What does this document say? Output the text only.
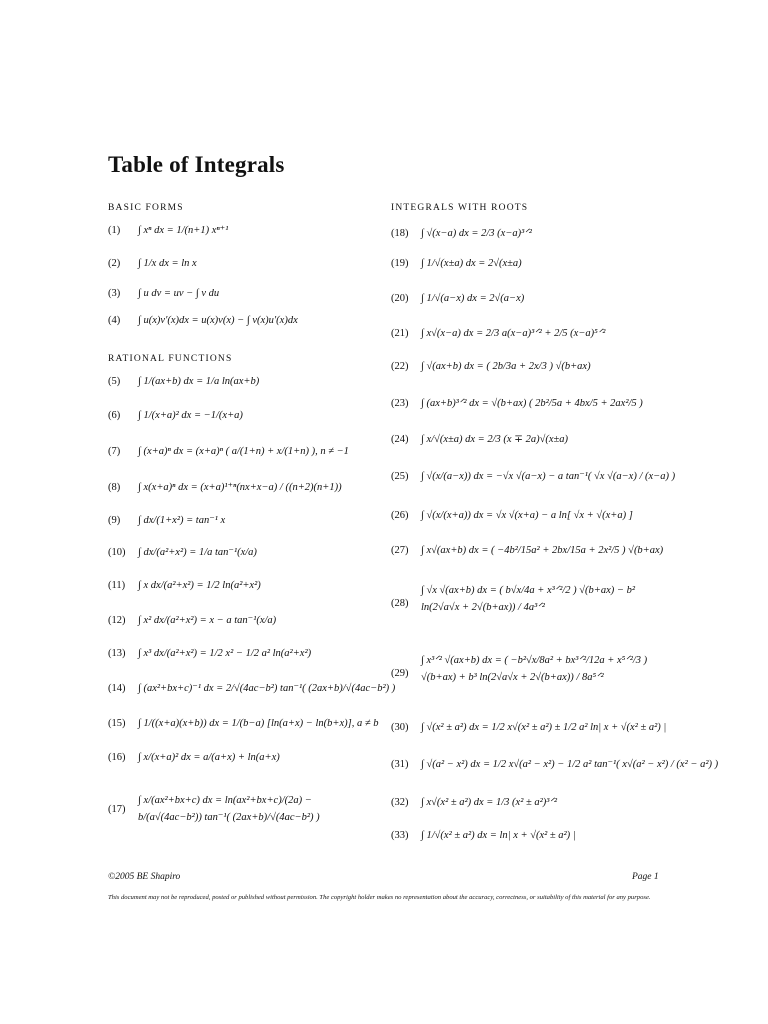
Table of Integrals
BASIC FORMS
RATIONAL FUNCTIONS
INTEGRALS WITH ROOTS
(1)	∫ xⁿ dx = 1/(n+1) xⁿ⁺¹
(2)	∫ 1/x dx = ln x
(3)	∫ u dv = uv − ∫ v du
(4)	∫ u(x)v′(x)dx = u(x)v(x) − ∫ v(x)u′(x)dx
(5)	∫ 1/(ax+b) dx = 1/a ln(ax+b)
(6)	∫ 1/(x+a)² dx = −1/(x+a)
(7)	∫ (x+a)ⁿ dx = (x+a)ⁿ ( a/(1+n) + x/(1+n) ), n ≠ −1
(8)	∫ x(x+a)ⁿ dx = (x+a)¹⁺ⁿ(nx+x−a) / ((n+2)(n+1))
(9)	∫ dx/(1+x²) = tan⁻¹ x
(10)	∫ dx/(a²+x²) = 1/a tan⁻¹(x/a)
(11)	∫ x dx/(a²+x²) = 1/2 ln(a²+x²)
(12)	∫ x² dx/(a²+x²) = x − a tan⁻¹(x/a)
(13)	∫ x³ dx/(a²+x²) = 1/2 x² − 1/2 a² ln(a²+x²)
(14)	∫ (ax²+bx+c)⁻¹ dx = 2/√(4ac−b²) tan⁻¹( (2ax+b)/√(4ac−b²) )
(15)	∫ 1/((x+a)(x+b)) dx = 1/(b−a) [ln(a+x) − ln(b+x)], a ≠ b
(16)	∫ x/(x+a)² dx = a/(a+x) + ln(a+x)
(17)
∫ x/(ax²+bx+c) dx = ln(ax²+bx+c)/(2a) − b/(a√(4ac−b²)) tan⁻¹( (2ax+b)/√(4ac−b²) )
(18)	∫ √(x−a) dx = 2/3 (x−a)³ᐟ²
(19)	∫ 1/√(x±a) dx = 2√(x±a)
(20)	∫ 1/√(a−x) dx = 2√(a−x)
(21)	∫ x√(x−a) dx = 2/3 a(x−a)³ᐟ² + 2/5 (x−a)⁵ᐟ²
(22)	∫ √(ax+b) dx = ( 2b/3a + 2x/3 ) √(b+ax)
(23)	∫ (ax+b)³ᐟ² dx = √(b+ax) ( 2b²/5a + 4bx/5 + 2ax²/5 )
(24)	∫ x/√(x±a) dx = 2/3 (x ∓ 2a)√(x±a)
(25)	∫ √(x/(a−x)) dx = −√x √(a−x) − a tan⁻¹( √x √(a−x) / (x−a) )
(26)	∫ √(x/(x+a)) dx = √x √(x+a) − a ln[ √x + √(x+a) ]
(27)	∫ x√(ax+b) dx = ( −4b²/15a² + 2bx/15a + 2x²/5 ) √(b+ax)
(28)
∫ √x √(ax+b) dx = ( b√x/4a + x³ᐟ²/2 ) √(b+ax) − b² ln(2√a√x + 2√(b+ax)) / 4a³ᐟ²
(29)
∫ x³ᐟ² √(ax+b) dx = ( −b²√x/8a² + bx³ᐟ²/12a + x⁵ᐟ²/3 ) √(b+ax) + b³ ln(2√a√x + 2√(b+ax)) / 8a⁵ᐟ²
(30)	∫ √(x² ± a²) dx = 1/2 x√(x² ± a²) ± 1/2 a² ln| x + √(x² ± a²) |
(31)	∫ √(a² − x²) dx = 1/2 x√(a² − x²) − 1/2 a² tan⁻¹( x√(a² − x²) / (x² − a²) )
(32)	∫ x√(x² ± a²) dx = 1/3 (x² ± a²)³ᐟ²
(33)	∫ 1/√(x² ± a²) dx = ln| x + √(x² ± a²) |
©2005 BE Shapiro	Page 1
This document may not be reproduced, posted or published without permission. The copyright holder makes no representation about the accuracy, correctness, or suitability of this material for any purpose.
